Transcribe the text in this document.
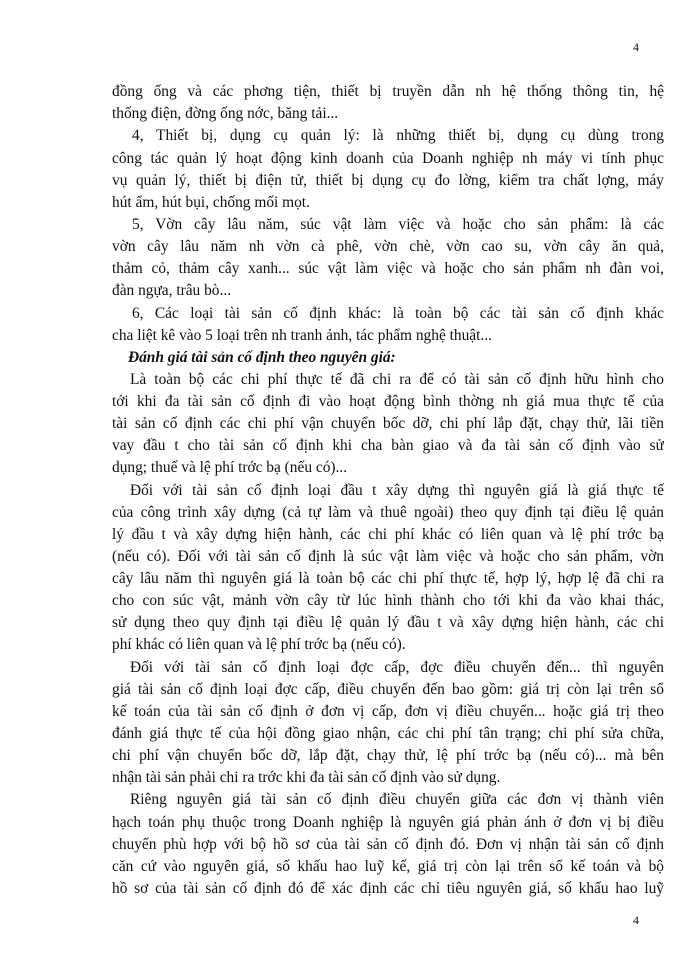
4
đồng ống và các phơng tiện, thiết bị truyền dẫn nh hệ thống thông tin, hệ
thống điện, đờng ống nớc, băng tải...
4, Thiết bị, dụng cụ quản lý: là những thiết bị, dụng cụ dùng trong
công tác quản lý hoạt động kinh doanh của Doanh nghiệp nh máy vi tính phục
vụ quản lý, thiết bị điện tử, thiết bị dụng cụ đo lờng, kiểm tra chất lợng, máy
hút ẩm, hút bụi, chống mối mọt.
5, Vờn cây lâu năm, súc vật làm việc và hoặc cho sản phẩm: là các
vờn cây lâu năm nh vờn cà phê, vờn chè, vờn cao su, vờn cây ăn quả,
thảm cỏ, thảm cây xanh... súc vật làm việc và hoặc cho sản phẩm nh đàn voi,
đàn ngựa, trâu bò...
6, Các loại tài sản cố định khác: là toàn bộ các tài sản cố định khác
cha liệt kê vào 5 loại trên nh tranh ảnh, tác phẩm nghệ thuật...
Đánh giá tài sản cố định theo nguyên giá:
Là toàn bộ các chi phí thực tế đã chi ra để có tài sản cố định hữu hình cho
tới khi đa tài sản cố định đi vào hoạt động bình thờng nh giá mua thực tế của
tài sản cố định các chi phí vận chuyển bốc dỡ, chi phí lắp đặt, chạy thử, lãi tiền
vay đầu t cho tài sản cố định khi cha bàn giao và đa tài sản cố định vào sử
dụng; thuế và lệ phí trớc bạ (nếu có)...
Đối với tài sản cố định loại đầu t xây dựng thì nguyên giá là giá thực tế
của công trình xây dựng (cả tự làm và thuê ngoài) theo quy định tại điều lệ quản
lý đầu t và xây dựng hiện hành, các chi phí khác có liên quan và lệ phí trớc bạ
(nếu có). Đối với tài sản cố định là súc vật làm việc và hoặc cho sản phẩm, vờn
cây lâu năm thì nguyên giá là toàn bộ các chi phí thực tế, hợp lý, hợp lệ đã chi ra
cho con súc vật, mảnh vờn cây từ lúc hình thành cho tới khi đa vào khai thác,
sử dụng theo quy định tại điều lệ quản lý đầu t và xây dựng hiện hành, các chi
phí khác có liên quan và lệ phí trớc bạ (nếu có).
Đối với tài sản cố định loại đợc cấp, đợc điều chuyển đến... thì nguyên
giá tài sản cố định loại đợc cấp, điều chuyển đến bao gồm: giá trị còn lại trên sổ
kế toán của tài sản cố định ở đơn vị cấp, đơn vị điều chuyển... hoặc giá trị theo
đánh giá thực tế của hội đồng giao nhận, các chi phí tân trạng; chi phí sửa chữa,
chi phí vận chuyển bốc dỡ, lắp đặt, chạy thử, lệ phí trớc bạ (nếu có)... mà bên
nhận tài sản phải chi ra trớc khi đa tài sản cố định vào sử dụng.
Riêng nguyên giá tài sản cố định điều chuyển giữa các đơn vị thành viên
hạch toán phụ thuộc trong Doanh nghiệp là nguyên giá phản ánh ở đơn vị bị điều
chuyển phù hợp với bộ hồ sơ của tài sản cố định đó. Đơn vị nhận tài sản cố định
căn cứ vào nguyên giá, số khấu hao luỹ kế, giá trị còn lại trên sổ kế toán và bộ
hồ sơ của tài sản cố định đó để xác định các chỉ tiêu nguyên giá, số khấu hao luỹ
4
